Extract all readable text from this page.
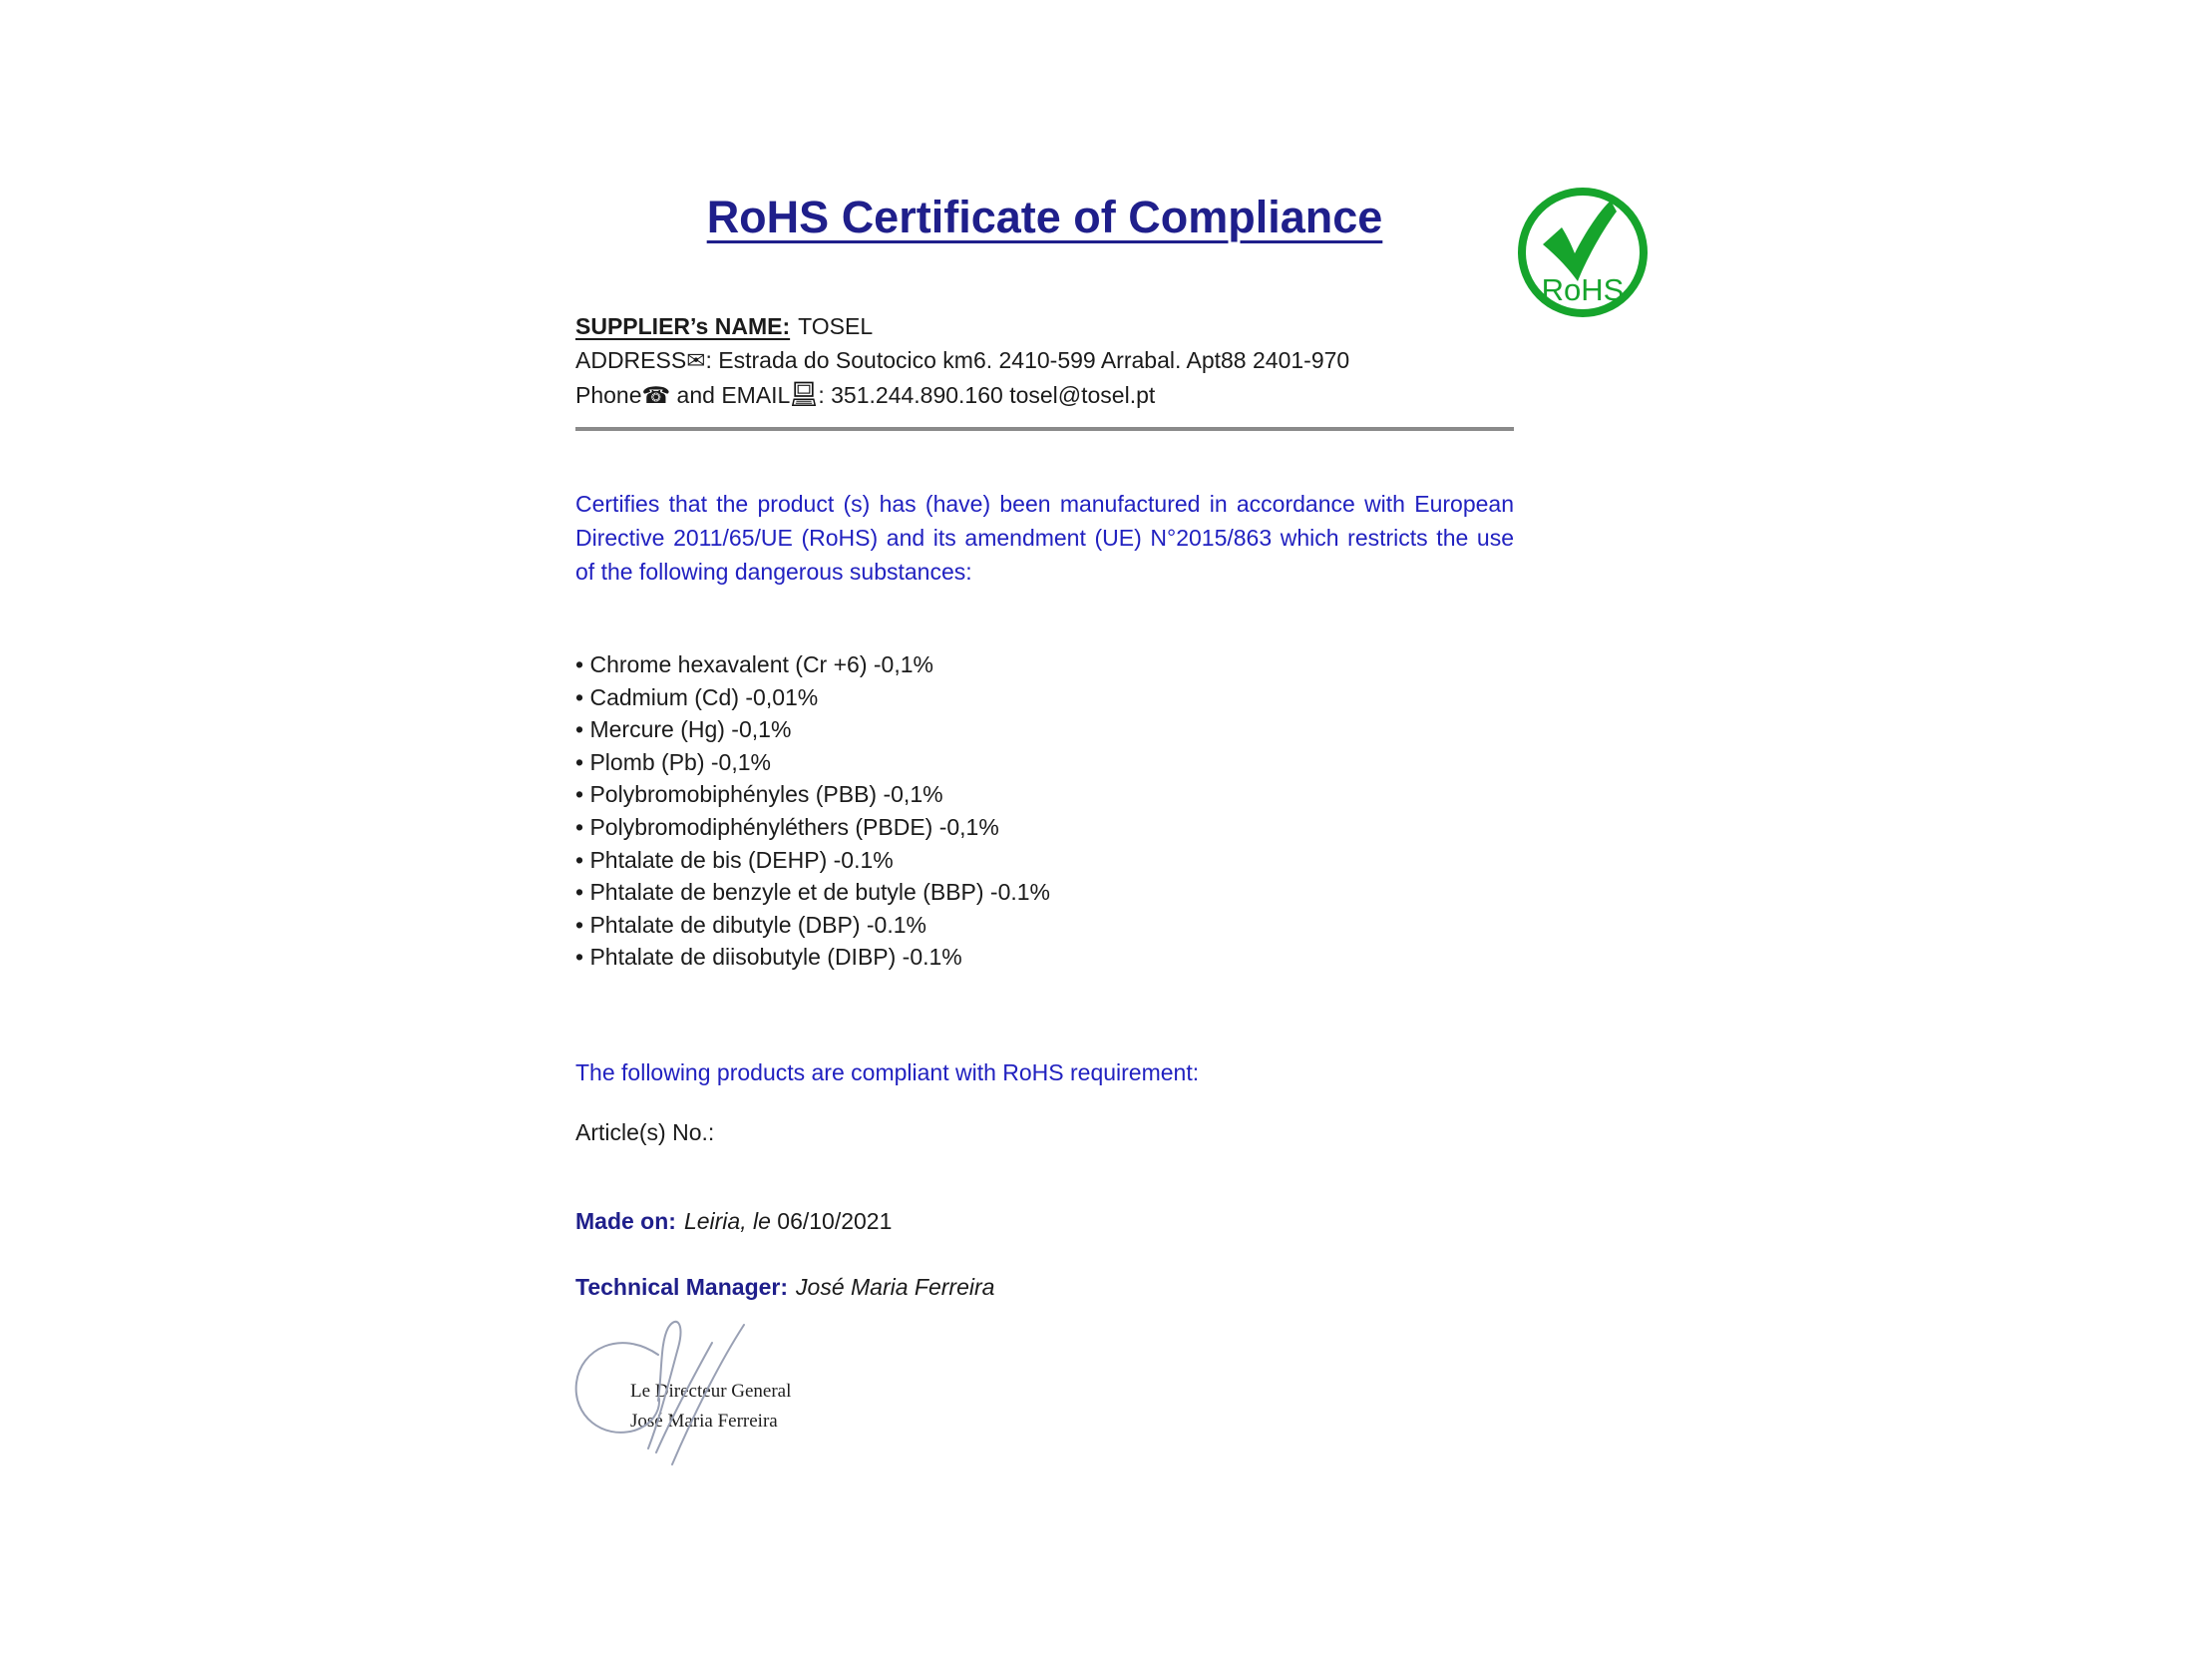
RoHS Certificate of Compliance
RoHS
SUPPLIER’s NAME: TOSEL
ADDRESS✉: Estrada do Soutocico km6. 2410-599 Arrabal. Apt88 2401-970
Phone☎ and EMAIL : 351.244.890.160 tosel@tosel.pt
Certifies that the product (s) has (have) been manufactured in accordance with European Directive 2011/65/UE (RoHS) and its amendment (UE) N°2015/863 which restricts the use of the following dangerous substances:
• Chrome hexavalent (Cr +6) -0,1%
• Cadmium (Cd) -0,01%
• Mercure (Hg) -0,1%
• Plomb (Pb) -0,1%
• Polybromobiphényles (PBB) -0,1%
• Polybromodiphényléthers (PBDE) -0,1%
• Phtalate de bis (DEHP) -0.1%
• Phtalate de benzyle et de butyle (BBP) -0.1%
• Phtalate de dibutyle (DBP) -0.1%
• Phtalate de diisobutyle (DIBP) -0.1%
The following products are compliant with RoHS requirement:
Article(s) No.:
Made on: Leiria, le 06/10/2021
Technical Manager: José Maria Ferreira
Le Directeur General
José Maria Ferreira
